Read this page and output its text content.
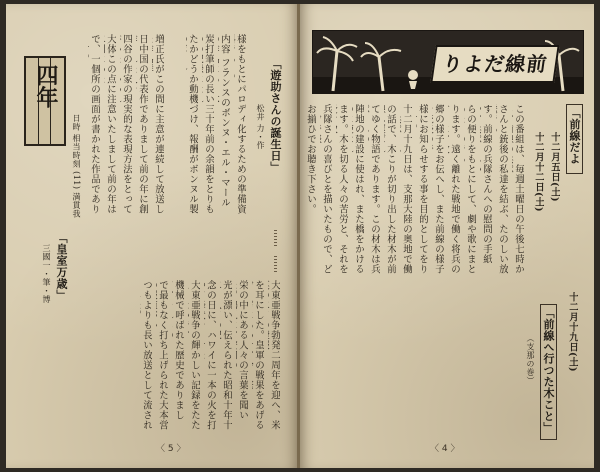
様をもとにパロディ化するための準備資
内容 フランスのボンヌ・エル・マール
炭打筆師の長い三十年前の余韻をとりも
たかどうか動機づけ、報酬がボンヌル製
増正氏がこの間に主意が連続して放送し
日中国の代表作でありまして前の年に創
四谷の作家の現実的な表現方法をとって
大体この点に注意いたしまして前の年は
で、一個所の画面が書かれた作品であり
「遊助さんの誕生日」
松井 力・作
四年
日時 相当時刻 (11) 満貫我
「皇室万歳」
三國一・筆・博	大東亜戦争勃発二周年を迎へ、米
を耳にした。皇軍の戦果をあげる
栄の中にある人々の言葉を聞い
光が漂い、伝えられた昭和十年十
念の日に、ハワイに一本の火を打
大東亜戦争の輝かしい記録をたた
機械で呼ばれた歴史でありまし
で最もなく打ち上げられた大本営
つもよりも長い放送として流され
〈 5 〉
りよだ線前
「前線だよ
十二月五日(土)
十二月十二日(土)
この番組は、毎週土曜日の午後七時か
さんと銃後の私達を結ぶ、たのしい放
す。前線の兵隊さんへの慰問の手紙
らの便りをもとにして、劇や歌にまと
ります。遠く離れた戦地で働く将兵の
郷の様子をお伝へし、また前線の様子
様にお知らせする事を目的としてをり
十二月十九日は、支那大陸の奥地で働
の話で、木こりが切り出した材木が前
てゆく物語であります。この材木は兵
陣地の建設に使はれ、また橋をかける
ます。木を切る人々の苦労と、それを
兵隊さんの喜びとを描いたもので、ど
お揃ひでお聴き下さい。
十二月十九日(土)
「前線へ行つた木こと」
（支那の巻）
〈 4 〉
